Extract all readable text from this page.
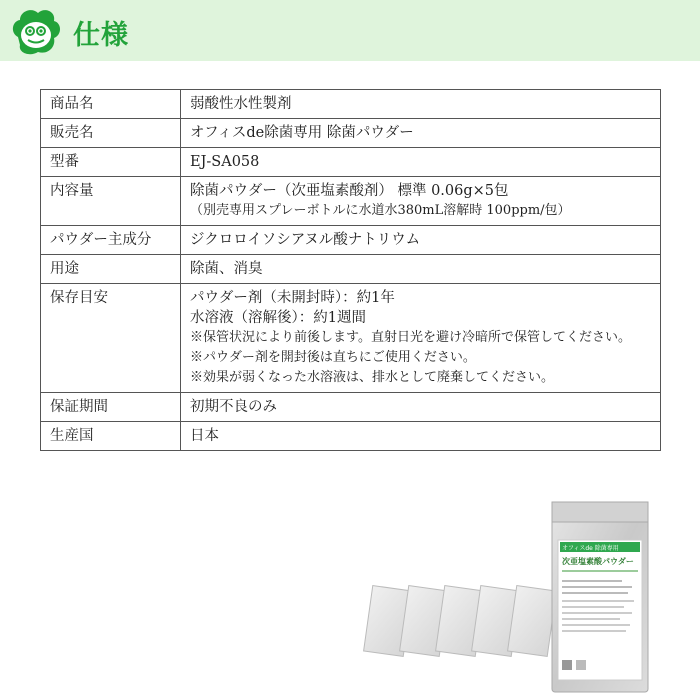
仕様
商品名	弱酸性水性製剤

販売名	オフィスde除菌専用 除菌パウダー

型番	EJ-SA058

内容量	除菌パウダー（次亜塩素酸剤） 標準 0.06g×5包
（別売専用スプレーボトルに水道水380mL溶解時 100ppm/包）

パウダー主成分	ジクロロイソシアヌル酸ナトリウム

用途	除菌、消臭

保存目安	パウダー剤（未開封時）：約1年
水溶液（溶解後）：約1週間
※保管状況により前後します。直射日光を避け冷暗所で保管してください。
※パウダー剤を開封後は直ちにご使用ください。
※効果が弱くなった水溶液は、排水として廃棄してください。

保証期間	初期不良のみ

生産国	日本
オフィスde 除菌専用
次亜塩素酸パウダー
